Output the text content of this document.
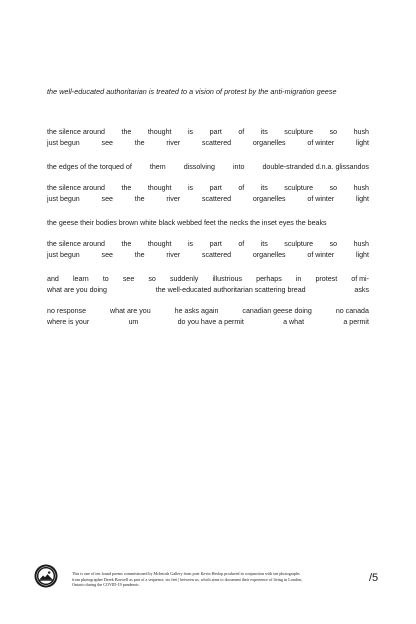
the well-educated authoritarian is treated to a vision of protest by the anti-migration geese
the silence around the thought is part of its sculpture so hush
just begun	see	the	river	scattered	organelles	of winter	light
the edges of the torqued of	them	dissolving	into	double-stranded d.n.a. glissandos
the silence around the thought is part of its sculpture so hush
just begun	see	the	river	scattered	organelles	of winter	light
the geese their bodies brown white black webbed feet the necks the inset eyes the beaks
the silence around the thought is part of its sculpture so hush
just begun	see	the	river	scattered	organelles	of winter	light
and learn to see so suddenly illustrious perhaps in protest of mi-
what are you doing	the well-educated authoritarian scattering bread	asks
no response	what are you	he asks again	canadian geese doing	no canada
where is your	um	do you have a permit	a what	a permit

This is one of ten found poems commissioned by McIntosh Gallery from poet Kevin Heslop produced in conjunction with ten photographs

from photographer Derek Boswell as part of a sequence, six feet | between us, which aims to document their experience of living in London,

Ontario during the COVID-19 pandemic.

/5
